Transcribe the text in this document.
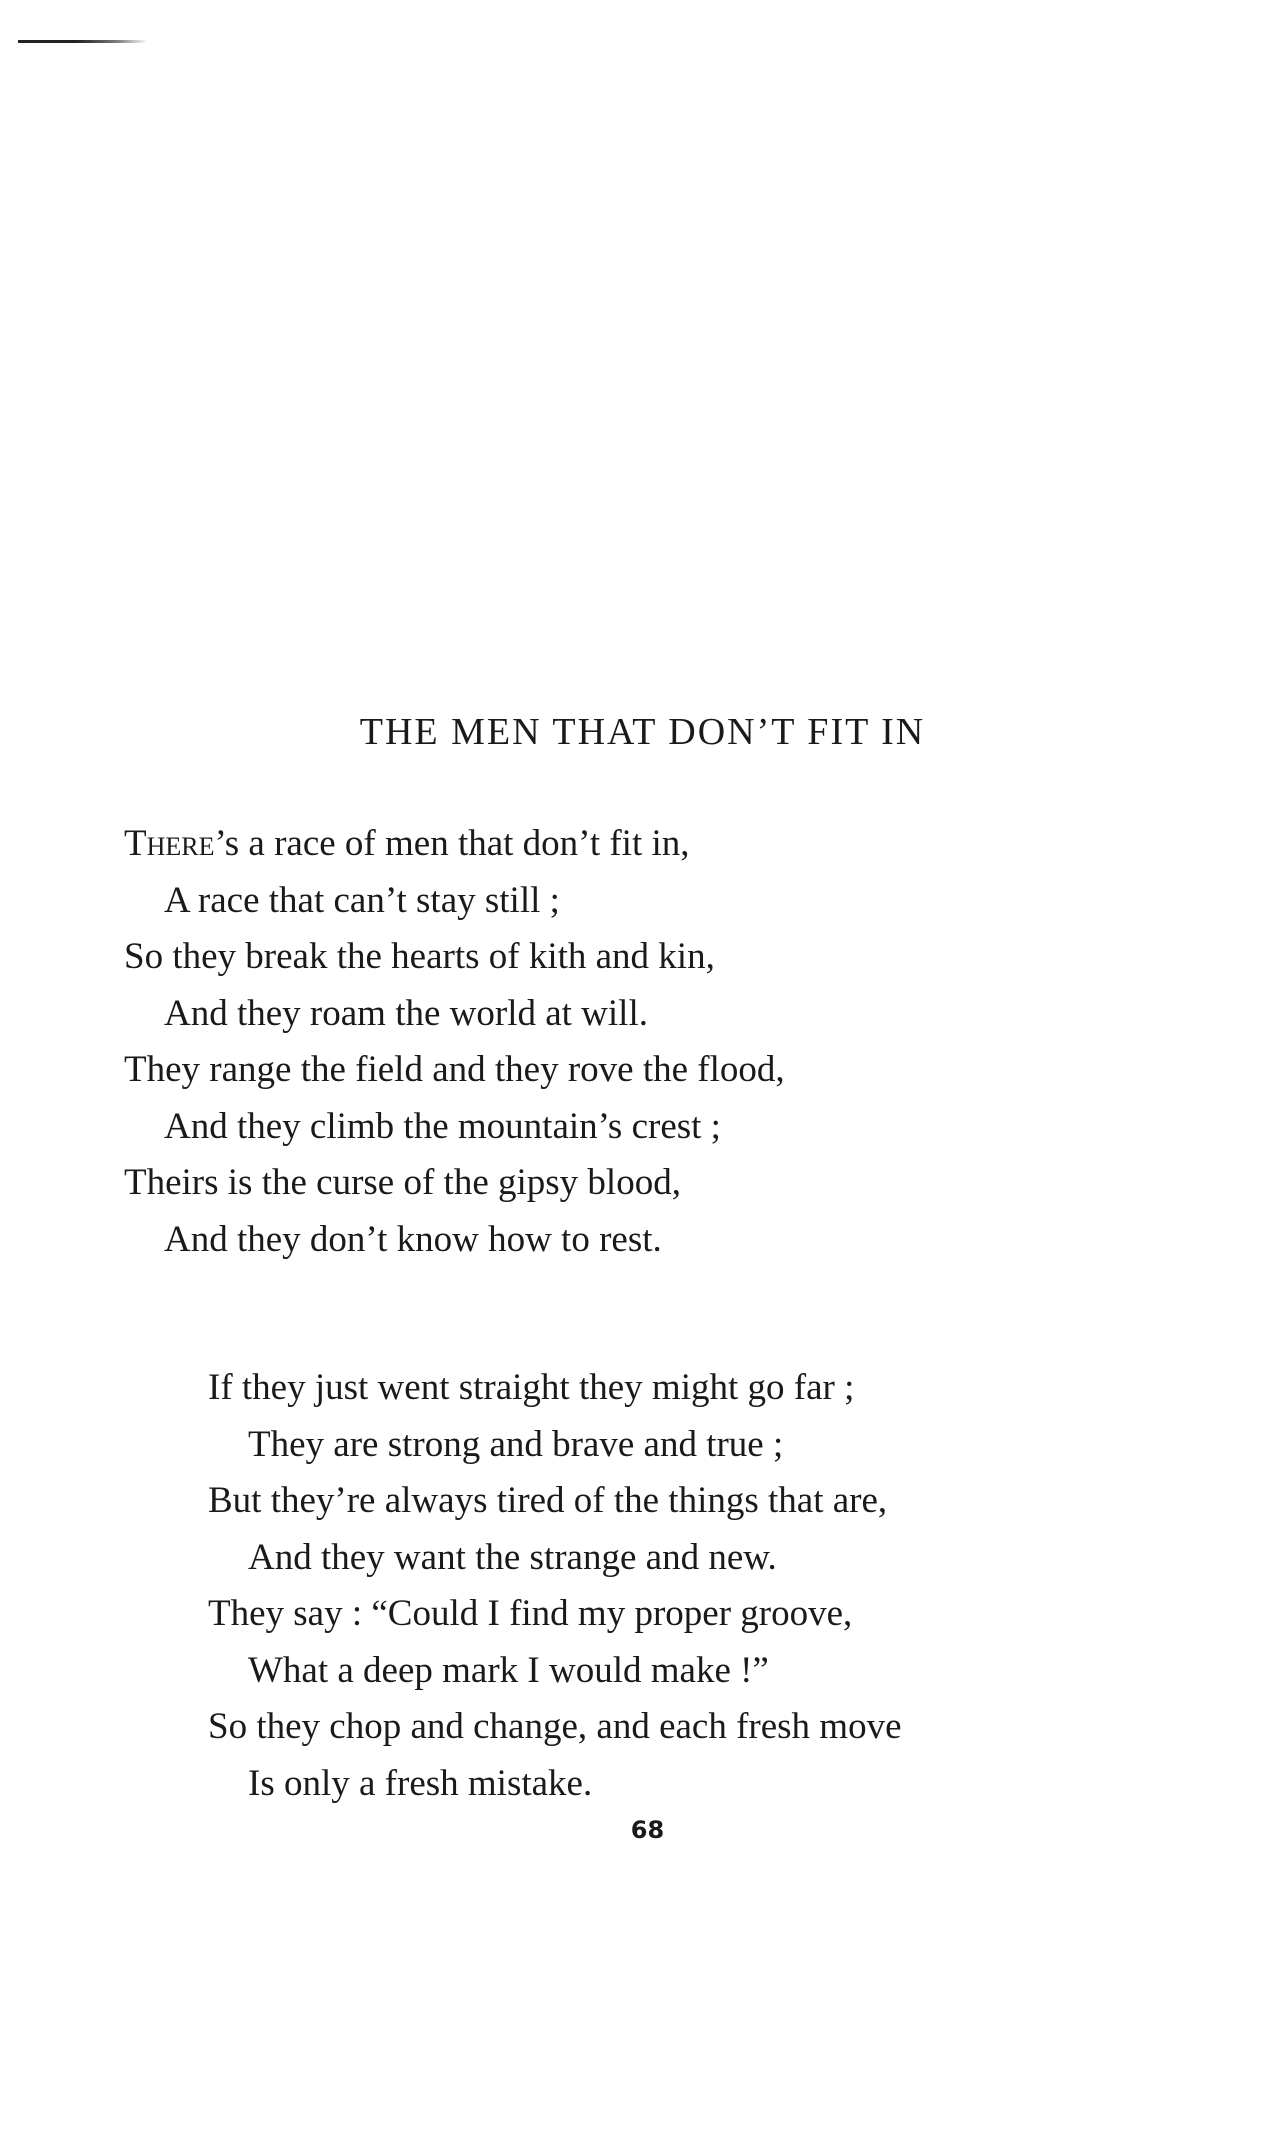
THE MEN THAT DON’T FIT IN
There’s a race of men that don’t fit in,
A race that can’t stay still ;
So they break the hearts of kith and kin,
And they roam the world at will.
They range the field and they rove the flood,
And they climb the mountain’s crest ;
Theirs is the curse of the gipsy blood,
And they don’t know how to rest.
If they just went straight they might go far ;
They are strong and brave and true ;
But they’re always tired of the things that are,
And they want the strange and new.
They say : “Could I find my proper groove,
What a deep mark I would make !”
So they chop and change, and each fresh move
Is only a fresh mistake.
68
